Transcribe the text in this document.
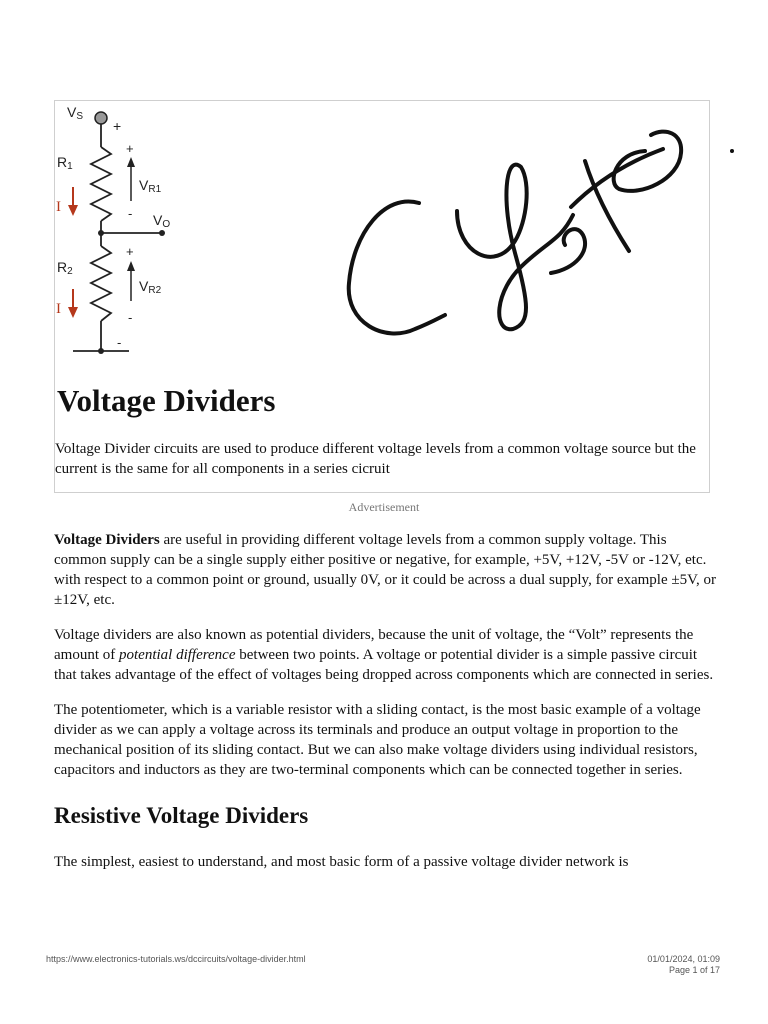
VS
+
R1
+
VR1
- VO
R2
+
VR2
-
-
I
I
Voltage Dividers

Voltage Divider circuits are used to produce different voltage levels from a common voltage source but the current is the same for all components in a series cicruit

Advertisement

Voltage Dividers are useful in providing different voltage levels from a common supply voltage. This common supply can be a single supply either positive or negative, for example, +5V, +12V, -5V or -12V, etc. with respect to a common point or ground, usually 0V, or it could be across a dual supply, for example ±5V, or ±12V, etc.

Voltage dividers are also known as potential dividers, because the unit of voltage, the “Volt” represents the amount of potential difference between two points. A voltage or potential divider is a simple passive circuit that takes advantage of the effect of voltages being dropped across components which are connected in series.

The potentiometer, which is a variable resistor with a sliding contact, is the most basic example of a voltage divider as we can apply a voltage across its terminals and produce an output voltage in proportion to the mechanical position of its sliding contact. But we can also make voltage dividers using individual resistors, capacitors and inductors as they are two-terminal components which can be connected together in series.

Resistive Voltage Dividers

The simplest, easiest to understand, and most basic form of a passive voltage divider network is

https://www.electronics-tutorials.ws/dccircuits/voltage-divider.html	01/01/2024, 01:09
Page 1 of 17
